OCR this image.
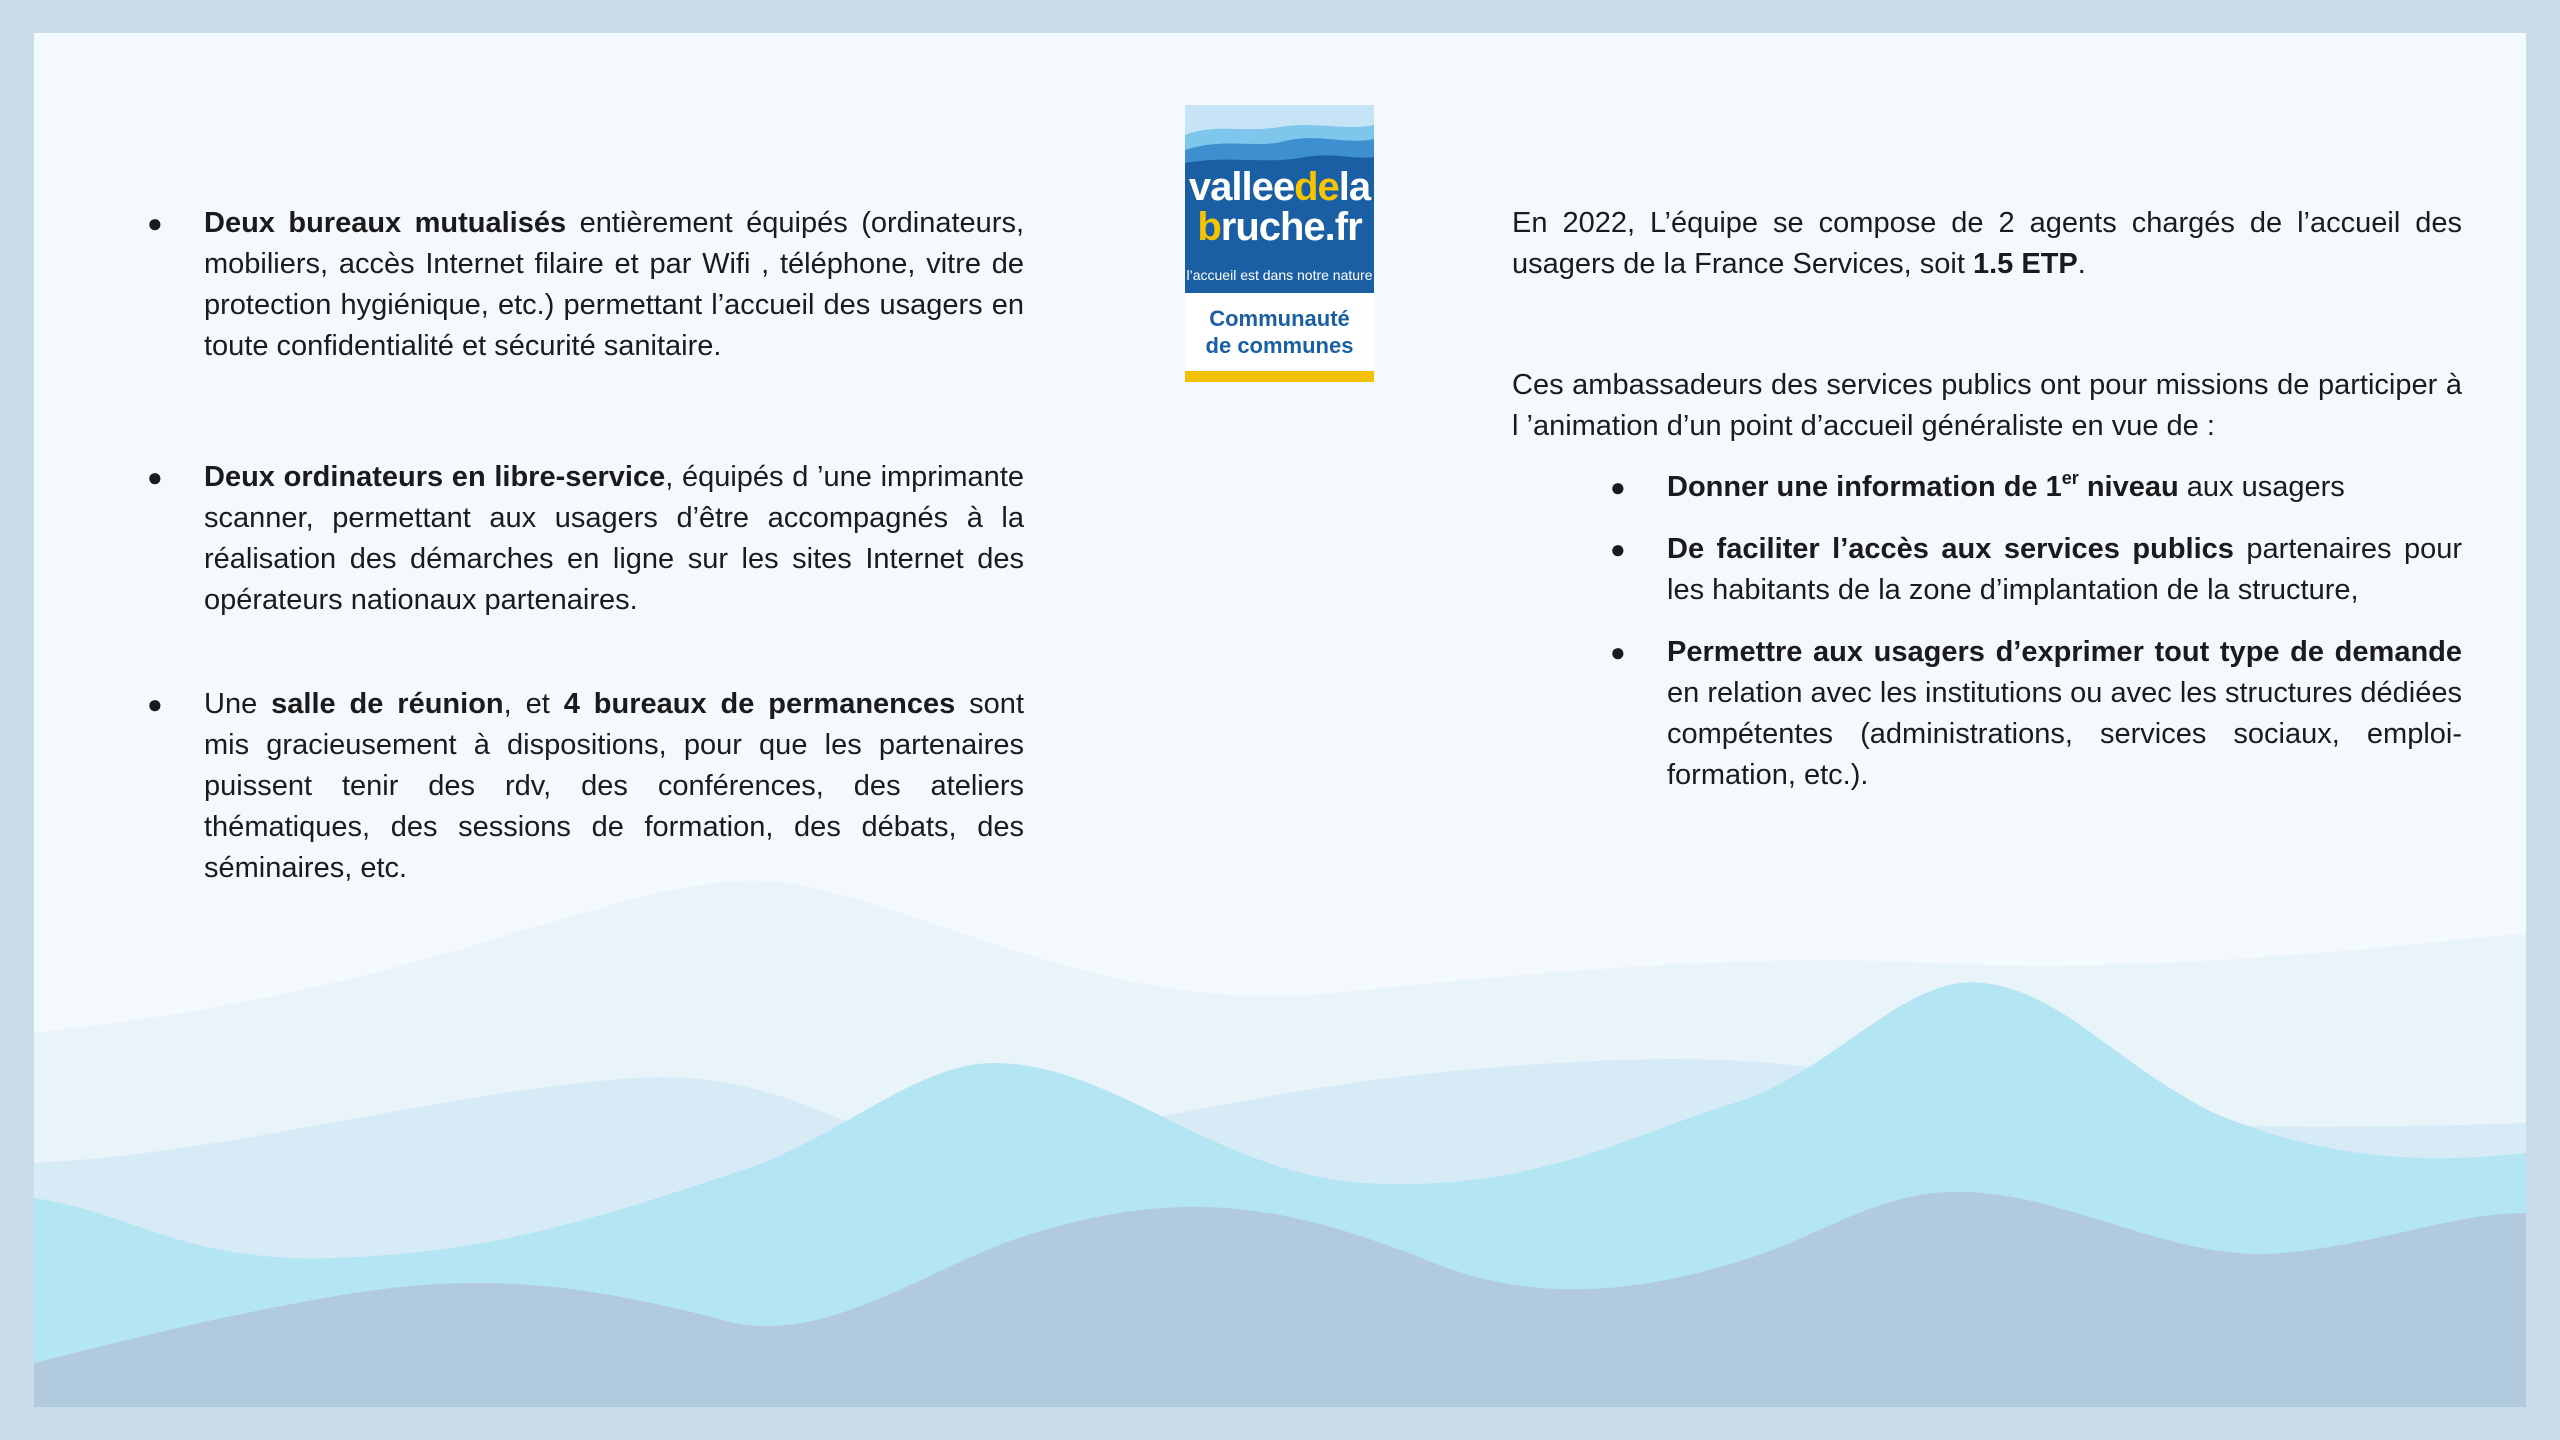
● Deux bureaux mutualisés entièrement équipés (ordinateurs, mobiliers, accès Internet filaire et par Wifi , téléphone, vitre de protection hygiénique, etc.) permettant l’accueil des usagers en toute confidentialité et sécurité sanitaire.

● Deux ordinateurs en libre-service, équipés d ’une imprimante scanner, permettant aux usagers d’être accompagnés à la réalisation des démarches en ligne sur les sites Internet des opérateurs nationaux partenaires.

● Une salle de réunion, et 4 bureaux de permanences sont mis gracieusement à dispositions, pour que les partenaires puissent tenir des rdv, des conférences, des ateliers thématiques, des sessions de formation, des débats, des séminaires, etc.

valleedela
bruche.fr
l’accueil est dans notre nature
Communauté
de communes

En 2022, L’équipe se compose de 2 agents chargés de l’accueil des usagers de la France Services, soit 1.5 ETP.

Ces ambassadeurs des services publics ont pour missions de participer à l ’animation d’un point d’accueil généraliste en vue de :

● Donner une information de 1er niveau aux usagers

● De faciliter l’accès aux services publics partenaires pour les habitants de la zone d’implantation de la structure,

● Permettre aux usagers d’exprimer tout type de demande en relation avec les institutions ou avec les structures dédiées compétentes (administrations, services sociaux, emploi-formation, etc.).
